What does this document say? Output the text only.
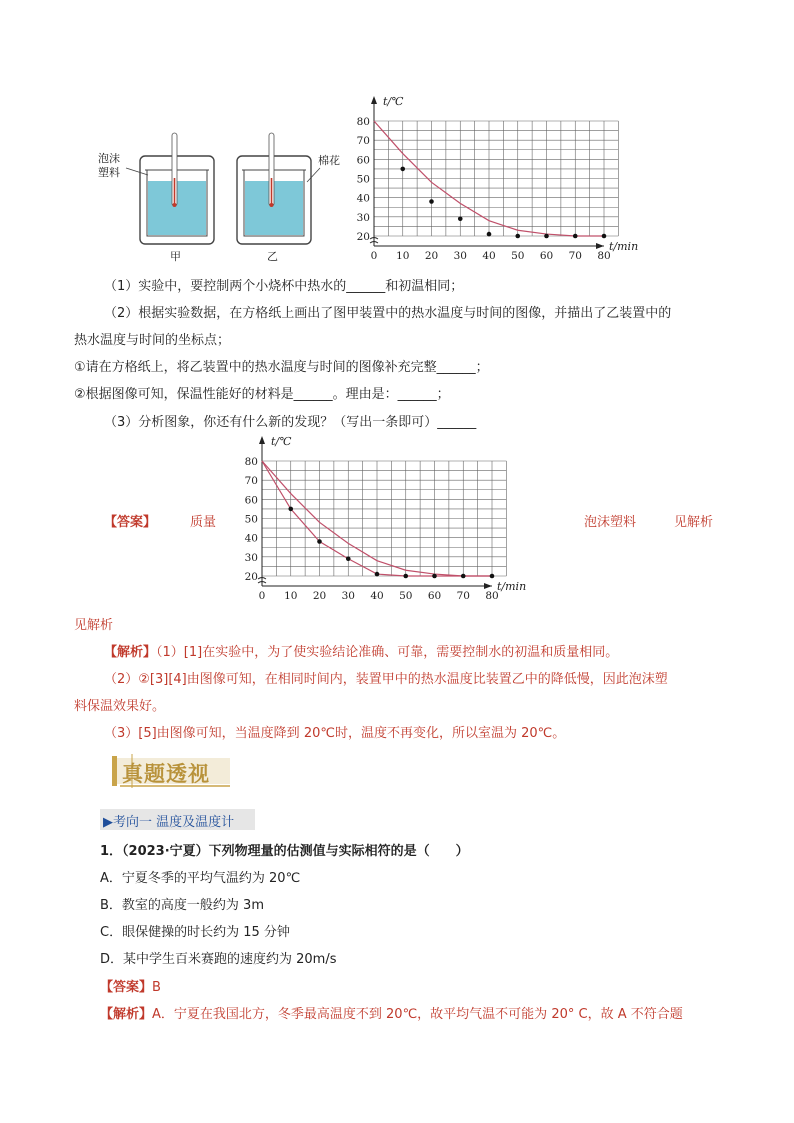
泡沫
塑料
棉花
甲	乙	0 10 20 30 40 50 60 70 80
20
30
40
50
60
70
80
t/min
t/℃
（1）实验中，要控制两个小烧杯中热水的______和初温相同；
（2）根据实验数据，在方格纸上画出了图甲装置中的热水温度与时间的图像，并描出了乙装置中的
热水温度与时间的坐标点；
①请在方格纸上，将乙装置中的热水温度与时间的图像补充完整______；
②根据图像可知，保温性能好的材料是______。理由是：______；
（3）分析图象，你还有什么新的发现？（写出一条即可）______
0 10 20 30 40 50 60 70 80
20
30
40
50
60
70
80
t/min
t/℃
【答案】	质量	泡沫塑料	见解析
见解析
【解析】（1）[1]在实验中，为了使实验结论准确、可靠，需要控制水的初温和质量相同。
（2）②[3][4]由图像可知，在相同时间内，装置甲中的热水温度比装置乙中的降低慢，因此泡沫塑
料保温效果好。
（3）[5]由图像可知，当温度降到 20℃时，温度不再变化，所以室温为 20℃。
真题透视
▶考向一 温度及温度计
1．（2023·宁夏）下列物理量的估测值与实际相符的是（　　）
A．宁夏冬季的平均气温约为 20℃
B．教室的高度一般约为 3m
C．眼保健操的时长约为 15 分钟
D．某中学生百米赛跑的速度约为 20m/s
【答案】B
【解析】A．宁夏在我国北方，冬季最高温度不到 20℃，故平均气温不可能为 20° C，故 A 不符合题
